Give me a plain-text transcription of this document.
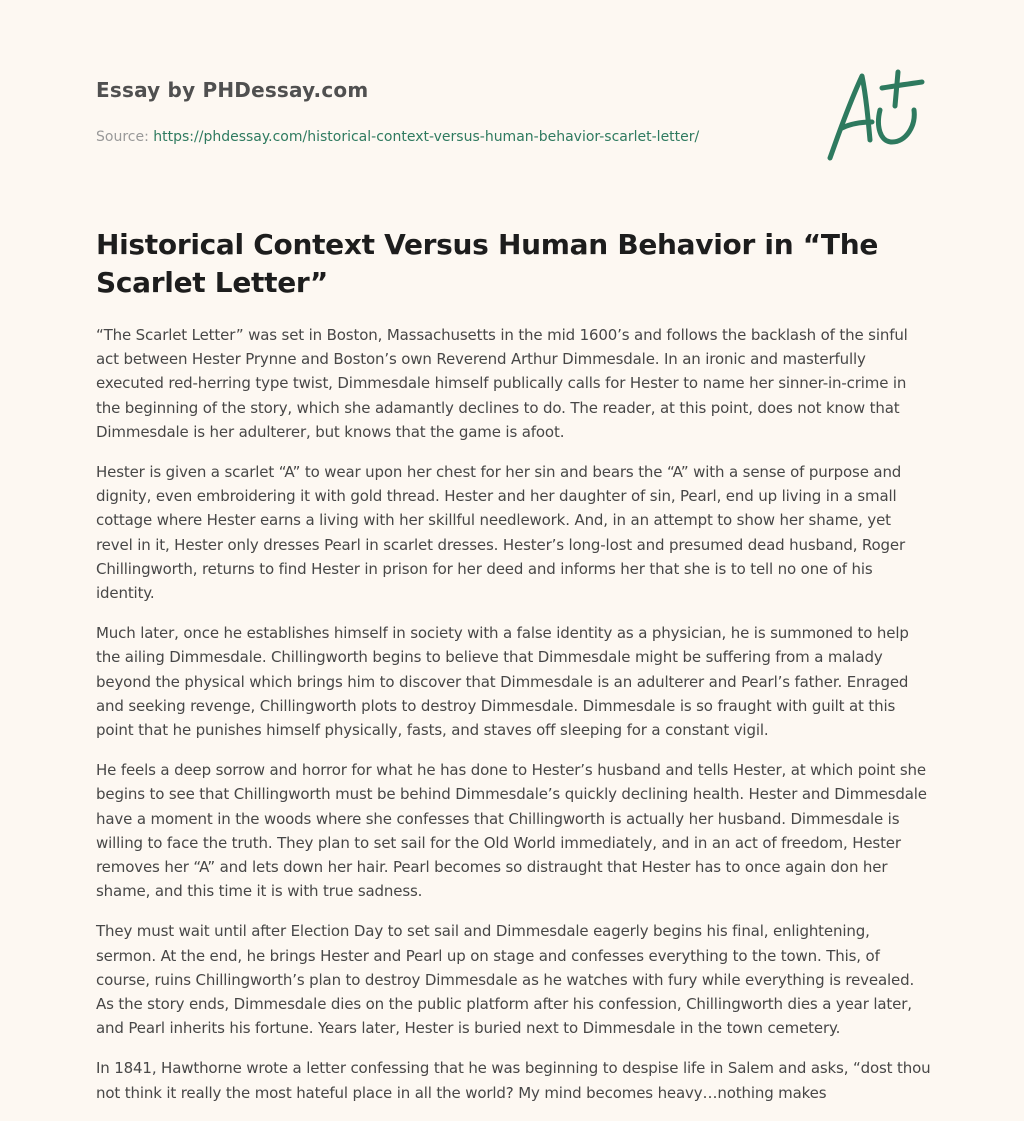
Essay by PHDessay.com
Source: https://phdessay.com/historical-context-versus-human-behavior-scarlet-letter/
Historical Context Versus Human Behavior in “The Scarlet Letter”

“The Scarlet Letter” was set in Boston, Massachusetts in the mid 1600’s and follows the backlash of the sinful act between Hester Prynne and Boston’s own Reverend Arthur Dimmesdale. In an ironic and masterfully executed red-herring type twist, Dimmesdale himself publically calls for Hester to name her sinner-in-crime in the beginning of the story, which she adamantly declines to do. The reader, at this point, does not know that Dimmesdale is her adulterer, but knows that the game is afoot.

Hester is given a scarlet “A” to wear upon her chest for her sin and bears the “A” with a sense of purpose and dignity, even embroidering it with gold thread. Hester and her daughter of sin, Pearl, end up living in a small cottage where Hester earns a living with her skillful needlework. And, in an attempt to show her shame, yet revel in it, Hester only dresses Pearl in scarlet dresses. Hester’s long-lost and presumed dead husband, Roger Chillingworth, returns to find Hester in prison for her deed and informs her that she is to tell no one of his identity.

Much later, once he establishes himself in society with a false identity as a physician, he is summoned to help the ailing Dimmesdale. Chillingworth begins to believe that Dimmesdale might be suffering from a malady beyond the physical which brings him to discover that Dimmesdale is an adulterer and Pearl’s father. Enraged and seeking revenge, Chillingworth plots to destroy Dimmesdale. Dimmesdale is so fraught with guilt at this point that he punishes himself physically, fasts, and staves off sleeping for a constant vigil.

He feels a deep sorrow and horror for what he has done to Hester’s husband and tells Hester, at which point she begins to see that Chillingworth must be behind Dimmesdale’s quickly declining health. Hester and Dimmesdale have a moment in the woods where she confesses that Chillingworth is actually her husband. Dimmesdale is willing to face the truth. They plan to set sail for the Old World immediately, and in an act of freedom, Hester removes her “A” and lets down her hair. Pearl becomes so distraught that Hester has to once again don her shame, and this time it is with true sadness.

They must wait until after Election Day to set sail and Dimmesdale eagerly begins his final, enlightening, sermon. At the end, he brings Hester and Pearl up on stage and confesses everything to the town. This, of course, ruins Chillingworth’s plan to destroy Dimmesdale as he watches with fury while everything is revealed. As the story ends, Dimmesdale dies on the public platform after his confession, Chillingworth dies a year later, and Pearl inherits his fortune. Years later, Hester is buried next to Dimmesdale in the town cemetery.

In 1841, Hawthorne wrote a letter confessing that he was beginning to despise life in Salem and asks, “dost thou not think it really the most hateful place in all the world? My mind becomes heavy…nothing makes
